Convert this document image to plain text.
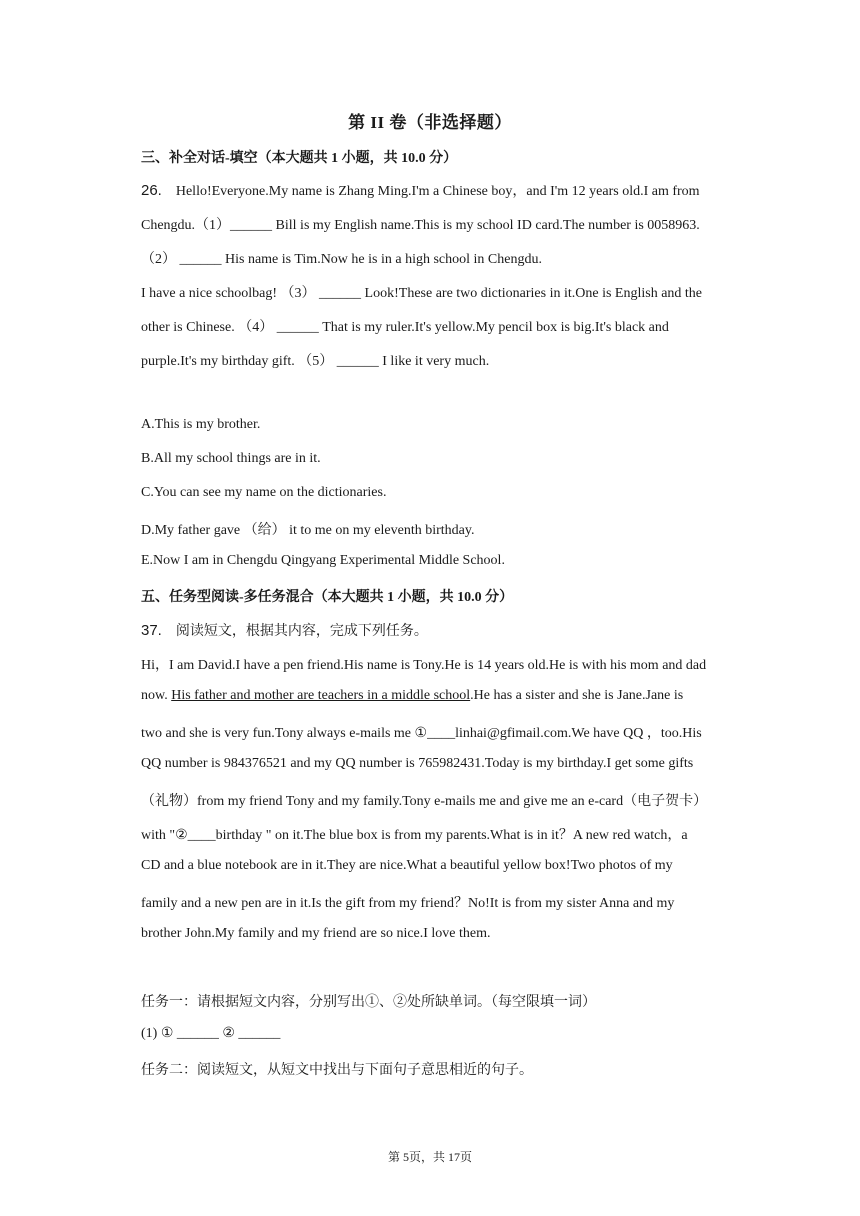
第 II 卷（非选择题）
三、补全对话-填空（本大题共 1 小题，共 10.0 分）
26. Hello!Everyone.My name is Zhang Ming.I'm a Chinese boy，and I'm 12 years old.I am from
Chengdu.（1）______ Bill is my English name.This is my school ID card.The number is 0058963.
（2） ______ His name is Tim.Now he is in a high school in Chengdu.
I have a nice schoolbag! （3） ______ Look!These are two dictionaries in it.One is English and the
other is Chinese. （4） ______ That is my ruler.It's yellow.My pencil box is big.It's black and
purple.It's my birthday gift. （5） ______ I like it very much.
A.This is my brother.
B.All my school things are in it.
C.You can see my name on the dictionaries.
D.My father gave （给） it to me on my eleventh birthday.
E.Now I am in Chengdu Qingyang Experimental Middle School.
五、任务型阅读-多任务混合（本大题共 1 小题，共 10.0 分）
37. 阅读短文，根据其内容，完成下列任务。
Hi，I am David.I have a pen friend.His name is Tony.He is 14 years old.He is with his mom and dad
now. His father and mother are teachers in a middle school.He has a sister and she is Jane.Jane is
two and she is very fun.Tony always e-mails me ①____linhai@gfimail.com.We have QQ ，too.His
QQ number is 984376521 and my QQ number is 765982431.Today is my birthday.I get some gifts
（礼物）from my friend Tony and my family.Tony e-mails me and give me an e-card（电子贺卡）
with "②____birthday " on it.The blue box is from my parents.What is in it？A new red watch，a
CD and a blue notebook are in it.They are nice.What a beautiful yellow box!Two photos of my
family and a new pen are in it.Is the gift from my friend？No!It is from my sister Anna and my
brother John.My family and my friend are so nice.I love them.
任务一：请根据短文内容，分别写出①、②处所缺单词。（每空限填一词）
(1) ① ______ ② ______
任务二：阅读短文，从短文中找出与下面句子意思相近的句子。
第 5页，共 17页
